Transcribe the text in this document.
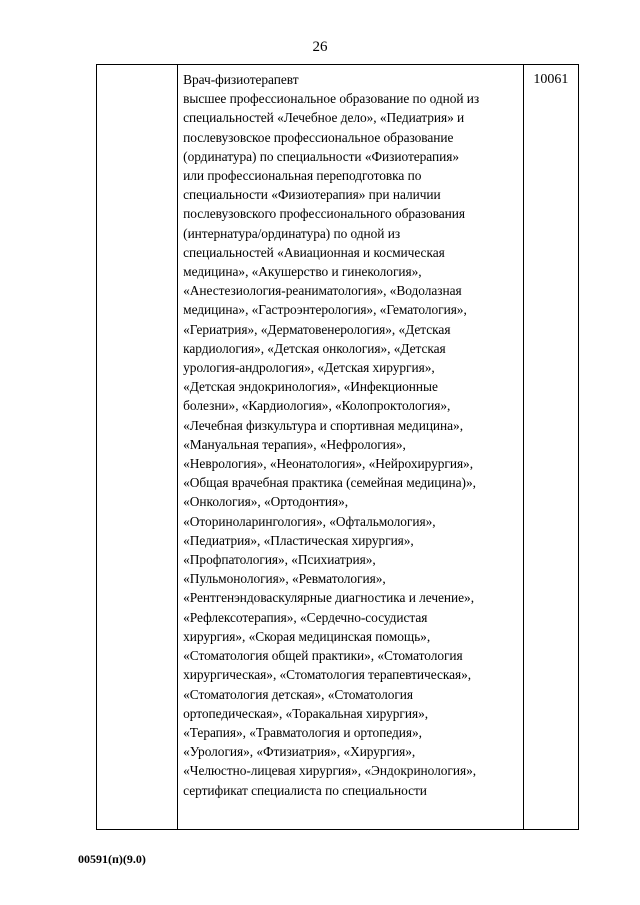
26

Врач-физиотерапевт
высшее профессиональное образование по одной из
специальностей «Лечебное дело», «Педиатрия» и
послевузовское профессиональное образование
(ординатура) по специальности «Физиотерапия»
или профессиональная переподготовка по
специальности «Физиотерапия» при наличии
послевузовского профессионального образования
(интернатура/ординатура) по одной из
специальностей «Авиационная и космическая
медицина», «Акушерство и гинекология»,
«Анестезиология-реаниматология», «Водолазная
медицина», «Гастроэнтерология», «Гематология»,
«Гериатрия», «Дерматовенерология», «Детская
кардиология», «Детская онкология», «Детская
урология-андрология», «Детская хирургия»,
«Детская эндокринология», «Инфекционные
болезни», «Кардиология», «Колопроктология»,
«Лечебная физкультура и спортивная медицина»,
«Мануальная терапия», «Нефрология»,
«Неврология», «Неонатология», «Нейрохирургия»,
«Общая врачебная практика (семейная медицина)»,
«Онкология», «Ортодонтия»,
«Оториноларингология», «Офтальмология»,
«Педиатрия», «Пластическая хирургия»,
«Профпатология», «Психиатрия»,
«Пульмонология», «Ревматология»,
«Рентгенэндоваскулярные диагностика и лечение»,
«Рефлексотерапия», «Сердечно-сосудистая
хирургия», «Скорая медицинская помощь»,
«Стоматология общей практики», «Стоматология
хирургическая», «Стоматология терапевтическая»,
«Стоматология детская», «Стоматология
ортопедическая», «Торакальная хирургия»,
«Терапия», «Травматология и ортопедия»,
«Урология», «Фтизиатрия», «Хирургия»,
«Челюстно-лицевая хирургия», «Эндокринология»,
сертификат специалиста по специальности

10061
00591(п)(9.0)
